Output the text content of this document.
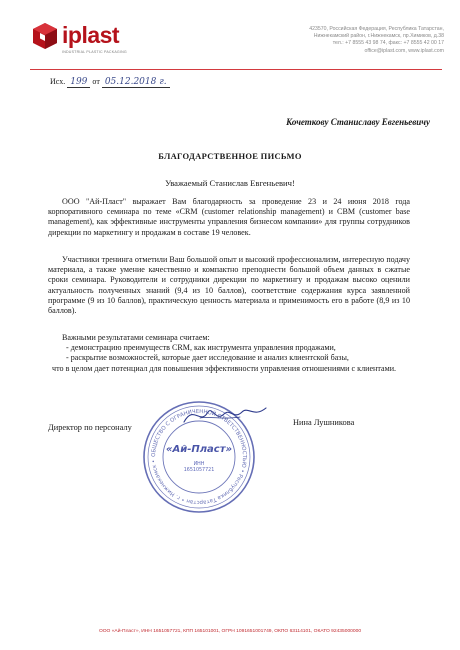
iplast
INDUSTRIAL PLASTIC PACKAGING
423570, Российская Федерация, Республика Татарстан,
Нижнекамский район, г.Нижнекамск, пр.Химиков, д.38
тел.: +7 8555 43 98 74, факс: +7 8555 42 00 17
office@iplast.com, www.iplast.com
Исх. 199 от 05.12.2018 г.
Кочеткову Станиславу Евгеньевичу
БЛАГОДАРСТВЕННОЕ ПИСЬМО
Уважаемый Станислав Евгеньевич!
ООО "Ай-Пласт" выражает Вам благодарность за проведение 23 и 24 июня 2018 года корпоративного семинара по теме «CRM (customer relationship management) и CBM (customer base management), как эффективные инструменты управления бизнесом компании» для группы сотрудников дирекции по маркетингу и продажам в составе 19 человек.
Участники тренинга отметили Ваш большой опыт и высокий профессионализм, интересную подачу материала, а также умение качественно и компактно преподнести большой объем данных в сжатые сроки семинара. Руководители и сотрудники дирекции по маркетингу и продажам высоко оценили актуальность полученных знаний (9,4 из 10 баллов), соответствие содержания курса заявленной программе (9 из 10 баллов), практическую ценность материала и применимость его в работе (8,9 из 10 баллов).

Важными результатами семинара считаем:

- демонстрацию преимуществ CRM, как инструмента управления продажами,

- раскрытие возможностей, которые дает исследование и анализ клиентской базы,

что в целом дает потенциал для повышения эффективности управления отношениями с клиентами.

ОБЩЕСТВО С ОГРАНИЧЕННОЙ ОТВЕТСТВЕННОСТЬЮ • Республика Татарстан • г. Нижнекамск •
«Ай-Пласт»
ИНН
1651057721
Директор по персоналу
Нина Лушникова
ООО «Ай-Пласт», ИНН 1651057721, КПП 165101001, ОГРН 1091651001749, ОКПО 63114101, ОКАТО 92435000000
